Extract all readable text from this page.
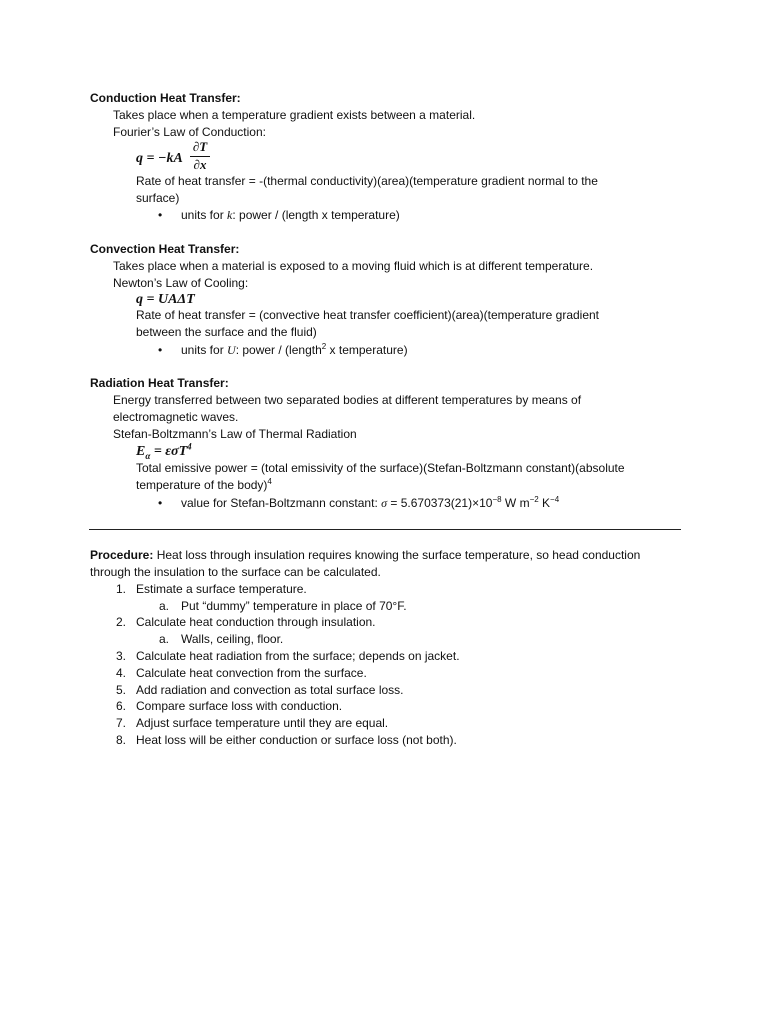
Conduction Heat Transfer:
Takes place when a temperature gradient exists between a material.
Fourier’s Law of Conduction:
q = −kA
∂T
∂x
Rate of heat transfer = -(thermal conductivity)(area)(temperature gradient normal to the
surface)
• units for k: power / (length x temperature)
Convection Heat Transfer:
Takes place when a material is exposed to a moving fluid which is at different temperature.
Newton’s Law of Cooling:
q = UAΔT
Rate of heat transfer = (convective heat transfer coefficient)(area)(temperature gradient
between the surface and the fluid)
• units for U: power / (length$^2$ x temperature)
Radiation Heat Transfer:
Energy transferred between two separated bodies at different temperatures by means of
electromagnetic waves.
Stefan-Boltzmann’s Law of Thermal Radiation
$E_\alpha = \varepsilon\sigma T^4$
Total emissive power = (total emissivity of the surface)(Stefan-Boltzmann constant)(absolute
temperature of the body)$^4$
• value for Stefan-Boltzmann constant: $\sigma = 5.670373(21)\times 10^{-8}$ W $m^{-2}$ $K^{-4}$
Procedure: Heat loss through insulation requires knowing the surface temperature, so head conduction
through the insulation to the surface can be calculated.
1. Estimate a surface temperature.
a. Put “dummy” temperature in place of 70°F.
2. Calculate heat conduction through insulation.
a. Walls, ceiling, floor.
3. Calculate heat radiation from the surface; depends on jacket.
4. Calculate heat convection from the surface.
5. Add radiation and convection as total surface loss.
6. Compare surface loss with conduction.
7. Adjust surface temperature until they are equal.
8. Heat loss will be either conduction or surface loss (not both).
